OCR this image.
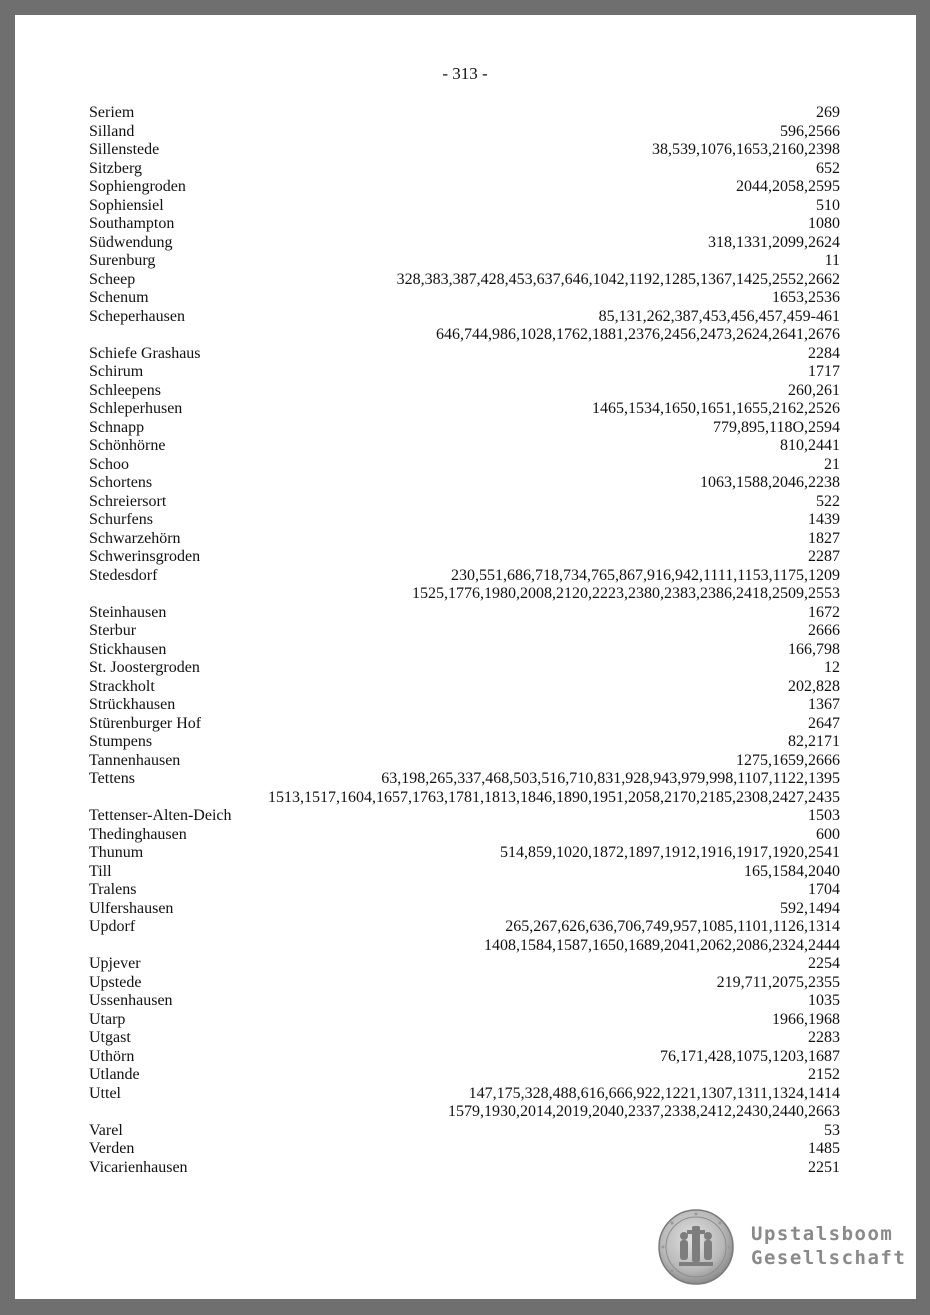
- 313 -
Seriem	269
Silland	596,2566
Sillenstede	38,539,1076,1653,2160,2398
Sitzberg	652
Sophiengroden	2044,2058,2595
Sophiensiel	510
Southampton	1080
Südwendung	318,1331,2099,2624
Surenburg	11
Scheep	328,383,387,428,453,637,646,1042,1192,1285,1367,1425,2552,2662
Schenum	1653,2536
Scheperhausen	85,131,262,387,453,456,457,459-461
646,744,986,1028,1762,1881,2376,2456,2473,2624,2641,2676
Schiefe Grashaus	2284
Schirum	1717
Schleepens	260,261
Schleperhusen	1465,1534,1650,1651,1655,2162,2526
Schnapp	779,895,118O,2594
Schönhörne	810,2441
Schoo	21
Schortens	1063,1588,2046,2238
Schreiersort	522
Schurfens	1439
Schwarzehörn	1827
Schwerinsgroden	2287
Stedesdorf	230,551,686,718,734,765,867,916,942,1111,1153,1175,1209
1525,1776,1980,2008,2120,2223,2380,2383,2386,2418,2509,2553
Steinhausen	1672
Sterbur	2666
Stickhausen	166,798
St. Joostergroden	12
Strackholt	202,828
Strückhausen	1367
Stürenburger Hof	2647
Stumpens	82,2171
Tannenhausen	1275,1659,2666
Tettens	63,198,265,337,468,503,516,710,831,928,943,979,998,1107,1122,1395
1513,1517,1604,1657,1763,1781,1813,1846,1890,1951,2058,2170,2185,2308,2427,2435
Tettenser-Alten-Deich	1503
Thedinghausen	600
Thunum	514,859,1020,1872,1897,1912,1916,1917,1920,2541
Till	165,1584,2040
Tralens	1704
Ulfershausen	592,1494
Updorf	265,267,626,636,706,749,957,1085,1101,1126,1314
1408,1584,1587,1650,1689,2041,2062,2086,2324,2444
Upjever	2254
Upstede	219,711,2075,2355
Ussenhausen	1035
Utarp	1966,1968
Utgast	2283
Uthörn	76,171,428,1075,1203,1687
Utlande	2152
Uttel	147,175,328,488,616,666,922,1221,1307,1311,1324,1414
1579,1930,2014,2019,2040,2337,2338,2412,2430,2440,2663
Varel	53
Verden	1485
Vicarienhausen	2251
Upstalsboom
Gesellschaft
